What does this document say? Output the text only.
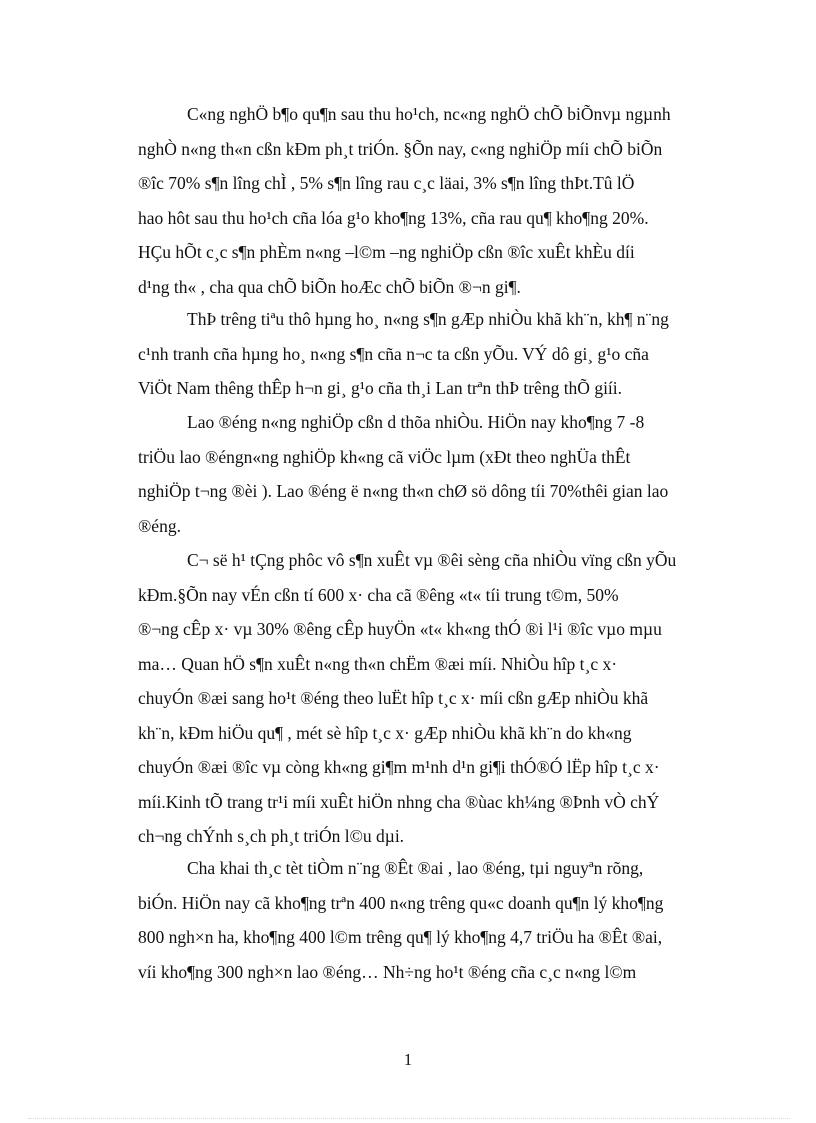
C«ng nghÖ b¶o qu¶n sau thu ho¹ch, nc«ng nghÖ chÕ biÕnvµ ngµnh
nghÒ n«ng th«n cßn kÐm ph¸t triÓn. §Õn nay, c«ng nghiÖp míi chÕ biÕn
®îc 70% s¶n lîng chÌ , 5% s¶n lîng rau c¸c läai, 3% s¶n lîng thÞt.Tû lÖ
hao hôt sau thu ho¹ch cña lóa g¹o kho¶ng 13%, cña rau qu¶ kho¶ng 20%.
HÇu hÕt c¸c s¶n phÈm n«ng –l©m –ng nghiÖp cßn ®îc xuÊt khÈu díi
d¹ng th« , cha qua chÕ biÕn hoÆc chÕ biÕn ®¬n gi¶.
ThÞ trêng tiªu thô hµng ho¸ n«ng s¶n gÆp nhiÒu khã kh¨n, kh¶ n¨ng
c¹nh tranh cña hµng ho¸ n«ng s¶n cña n¬c ta cßn yÕu. VÝ dô gi¸ g¹o cña
ViÖt Nam thêng thÊp h¬n gi¸ g¹o cña th¸i Lan trªn thÞ trêng thÕ giíi.
Lao ®éng n«ng nghiÖp cßn d thõa nhiÒu. HiÖn nay kho¶ng 7 -8
triÖu lao ®éngn«ng nghiÖp kh«ng cã viÖc lµm (xÐt theo nghÜa thÊt
nghiÖp t¬ng ®èi ). Lao ®éng ë n«ng th«n chØ sö dông tíi 70%thêi gian lao
®éng.
C¬ së h¹ tÇng phôc vô s¶n xuÊt vµ ®êi sèng cña nhiÒu vïng cßn yÕu
kÐm.§Õn nay vÉn cßn tí 600 x· cha cã ®êng «t« tíi trung t©m, 50%
®¬ng cÊp x· vµ 30% ®êng cÊp huyÖn «t« kh«ng thÓ ®i l¹i ®îc vµo mµu
ma… Quan hÖ s¶n xuÊt n«ng th«n chËm ®æi míi. NhiÒu hîp t¸c x·
chuyÓn ®æi sang ho¹t ®éng theo luËt hîp t¸c x· míi cßn gÆp nhiÒu khã
kh¨n, kÐm hiÖu qu¶ , mét sè hîp t¸c x· gÆp nhiÒu khã kh¨n do kh«ng
chuyÓn ®æi ®îc vµ còng kh«ng gi¶m m¹nh d¹n gi¶i thÓ®Ó lËp hîp t¸c x·
míi.Kinh tÕ trang tr¹i míi xuÊt hiÖn nhng cha ®ùac kh¼ng ®Þnh vÒ chÝ
ch¬ng chÝnh s¸ch ph¸t triÓn l©u dµi.
Cha khai th¸c tèt tiÒm n¨ng ®Êt ®ai , lao ®éng, tµi nguyªn rõng,
biÓn. HiÖn nay cã kho¶ng trªn 400 n«ng trêng qu«c doanh qu¶n lý kho¶ng
800 ngh×n ha, kho¶ng 400 l©m trêng qu¶ lý kho¶ng 4,7 triÖu ha ®Êt ®ai,
víi kho¶ng 300 ngh×n lao ®éng… Nh÷ng ho¹t ®éng cña c¸c n«ng l©m
1
